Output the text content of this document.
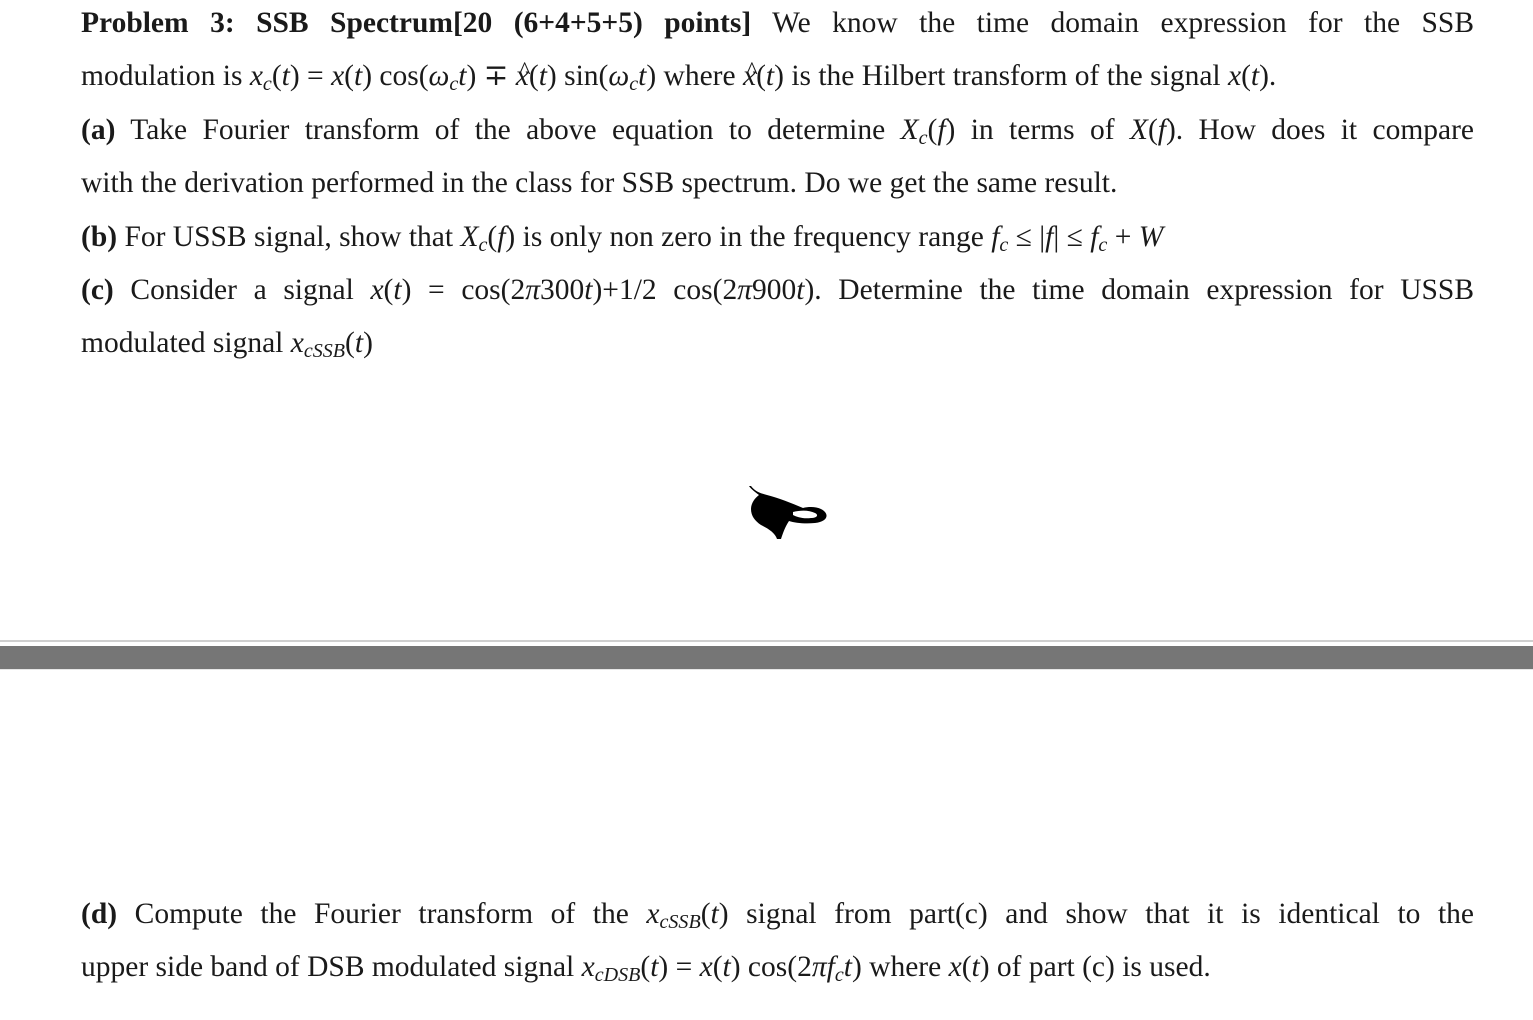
Problem 3: SSB Spectrum[20 (6+4+5+5) points] We know the time domain expression for the SSB
modulation is $x_c(t) = x(t) \cos(\omega_ct)$ ∓ ^ x(t) $\sin(\omega_ct)$ where ^ x(t) is the Hilbert transform of the signal x(t).
(a) Take Fourier transform of the above equation to determine $X_c(f)$ in terms of X(f). How does it compare
with the derivation performed in the class for SSB spectrum. Do we get the same result.
(b) For USSB signal, show that $X_c(f)$ is only non zero in the frequency range $f_c \le |f| \le f_c + W$
(c) Consider a signal x(t) = cos(2π300t)+1/2 cos(2π900t). Determine the time domain expression for USSB
modulated signal $x_{cSSB}(t)$
(d) Compute the Fourier transform of the $x_{cSSB}(t)$ signal from part(c) and show that it is identical to the
upper side band of DSB modulated signal $x_{cDSB}(t) = x(t)$ $\cos(2\pi f_ct)$ where x(t) of part (c) is used.
